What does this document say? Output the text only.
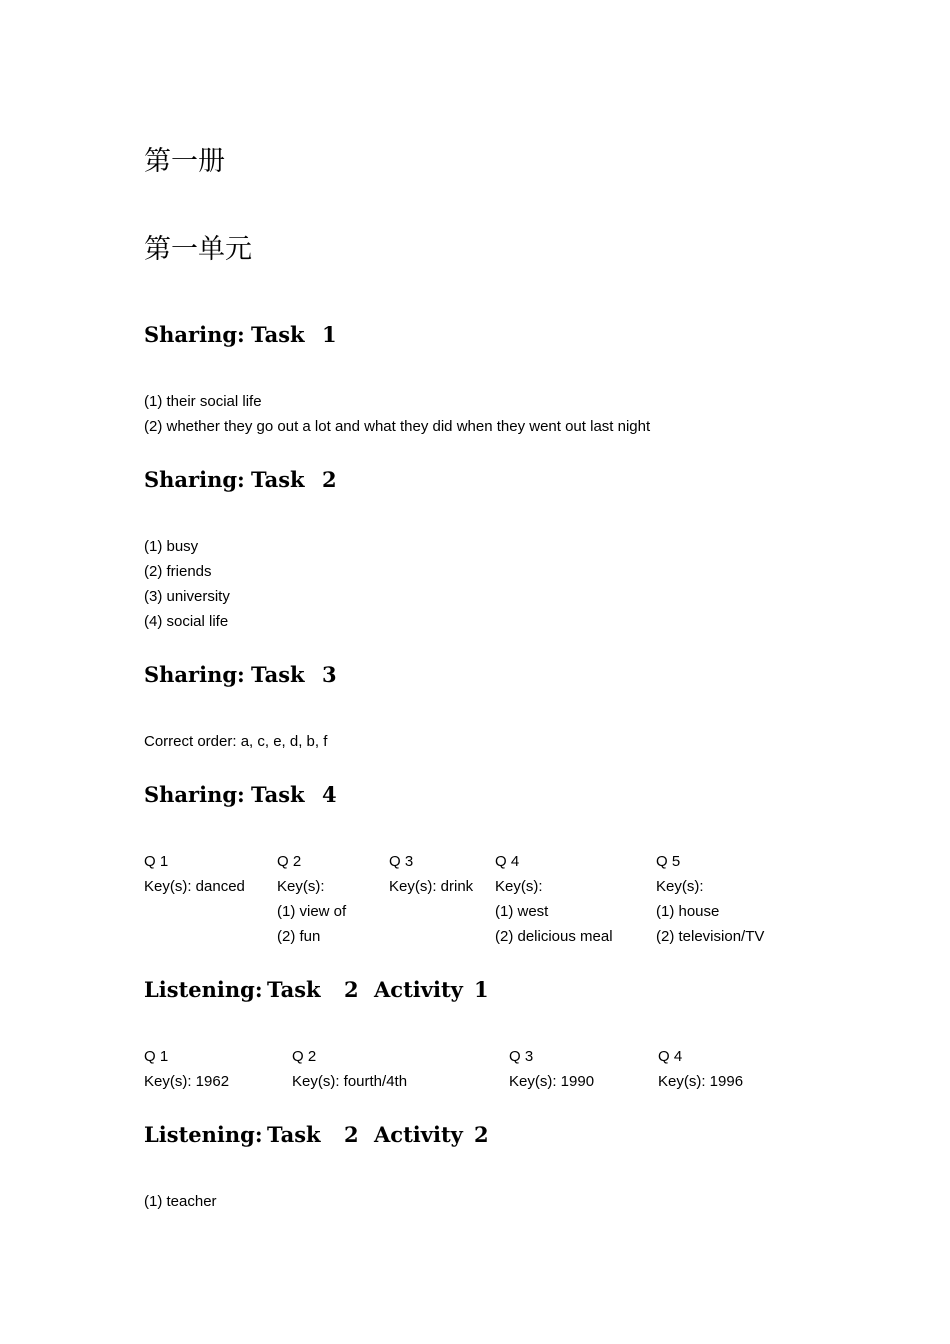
第一册
第一单元
Sharing: Task 1

(1) their social life

(2) whether they go out a lot and what they did when they went out last night

Sharing: Task 2

(1) busy

(2) friends

(3) university

(4) social life

Sharing: Task 3

Correct order: a, c, e, d, b, f

Sharing: Task 4
Q 1
Key(s): danced
Q 2
Key(s):
(1) view of
(2) fun
Q 3
Key(s): drink
Q 4
Key(s):
(1) west
(2) delicious meal
Q 5
Key(s):
(1) house
(2) television/TV
Listening: Task 2 Activity 1
Q 1
Key(s): 1962
Q 2
Key(s): fourth/4th
Q 3
Key(s): 1990
Q 4
Key(s): 1996
Listening: Task 2 Activity 2

(1) teacher
